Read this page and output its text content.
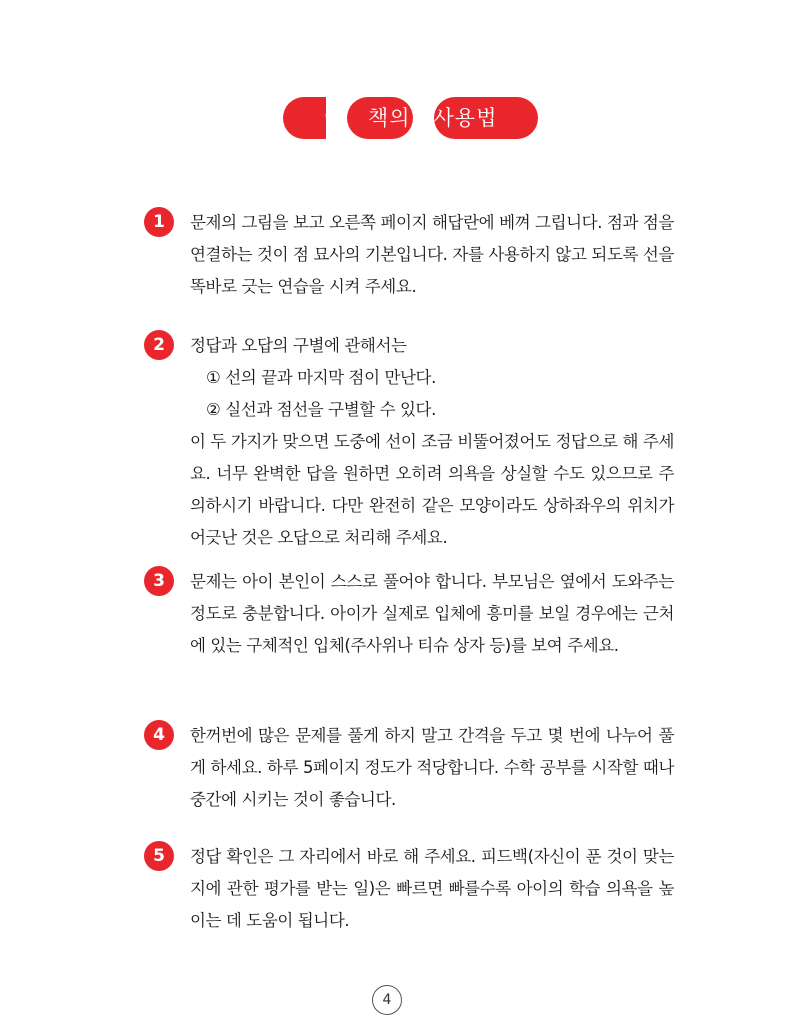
이   책의   사용법
1	문제의 그림을 보고 오른쪽 페이지 해답란에 베껴 그립니다. 점과 점을 연결하는 것이 점 묘사의 기본입니다. 자를 사용하지 않고 되도록 선을 똑바로 긋는 연습을 시켜 주세요.
2	정답과 오답의 구별에 관해서는
① 선의 끝과 마지막 점이 만난다.
② 실선과 점선을 구별할 수 있다.
이 두 가지가 맞으면 도중에 선이 조금 비뚤어졌어도 정답으로 해 주세요. 너무 완벽한 답을 원하면 오히려 의욕을 상실할 수도 있으므로 주의하시기 바랍니다. 다만 완전히 같은 모양이라도 상하좌우의 위치가 어긋난 것은 오답으로 처리해 주세요.
3	문제는 아이 본인이 스스로 풀어야 합니다. 부모님은 옆에서 도와주는 정도로 충분합니다. 아이가 실제로 입체에 흥미를 보일 경우에는 근처에 있는 구체적인 입체(주사위나 티슈 상자 등)를 보여 주세요.
4	한꺼번에 많은 문제를 풀게 하지 말고 간격을 두고 몇 번에 나누어 풀게 하세요. 하루 5페이지 정도가 적당합니다. 수학 공부를 시작할 때나 중간에 시키는 것이 좋습니다.
5	정답 확인은 그 자리에서 바로 해 주세요. 피드백(자신이 푼 것이 맞는지에 관한 평가를 받는 일)은 빠르면 빠를수록 아이의 학습 의욕을 높이는 데 도움이 됩니다.
4
